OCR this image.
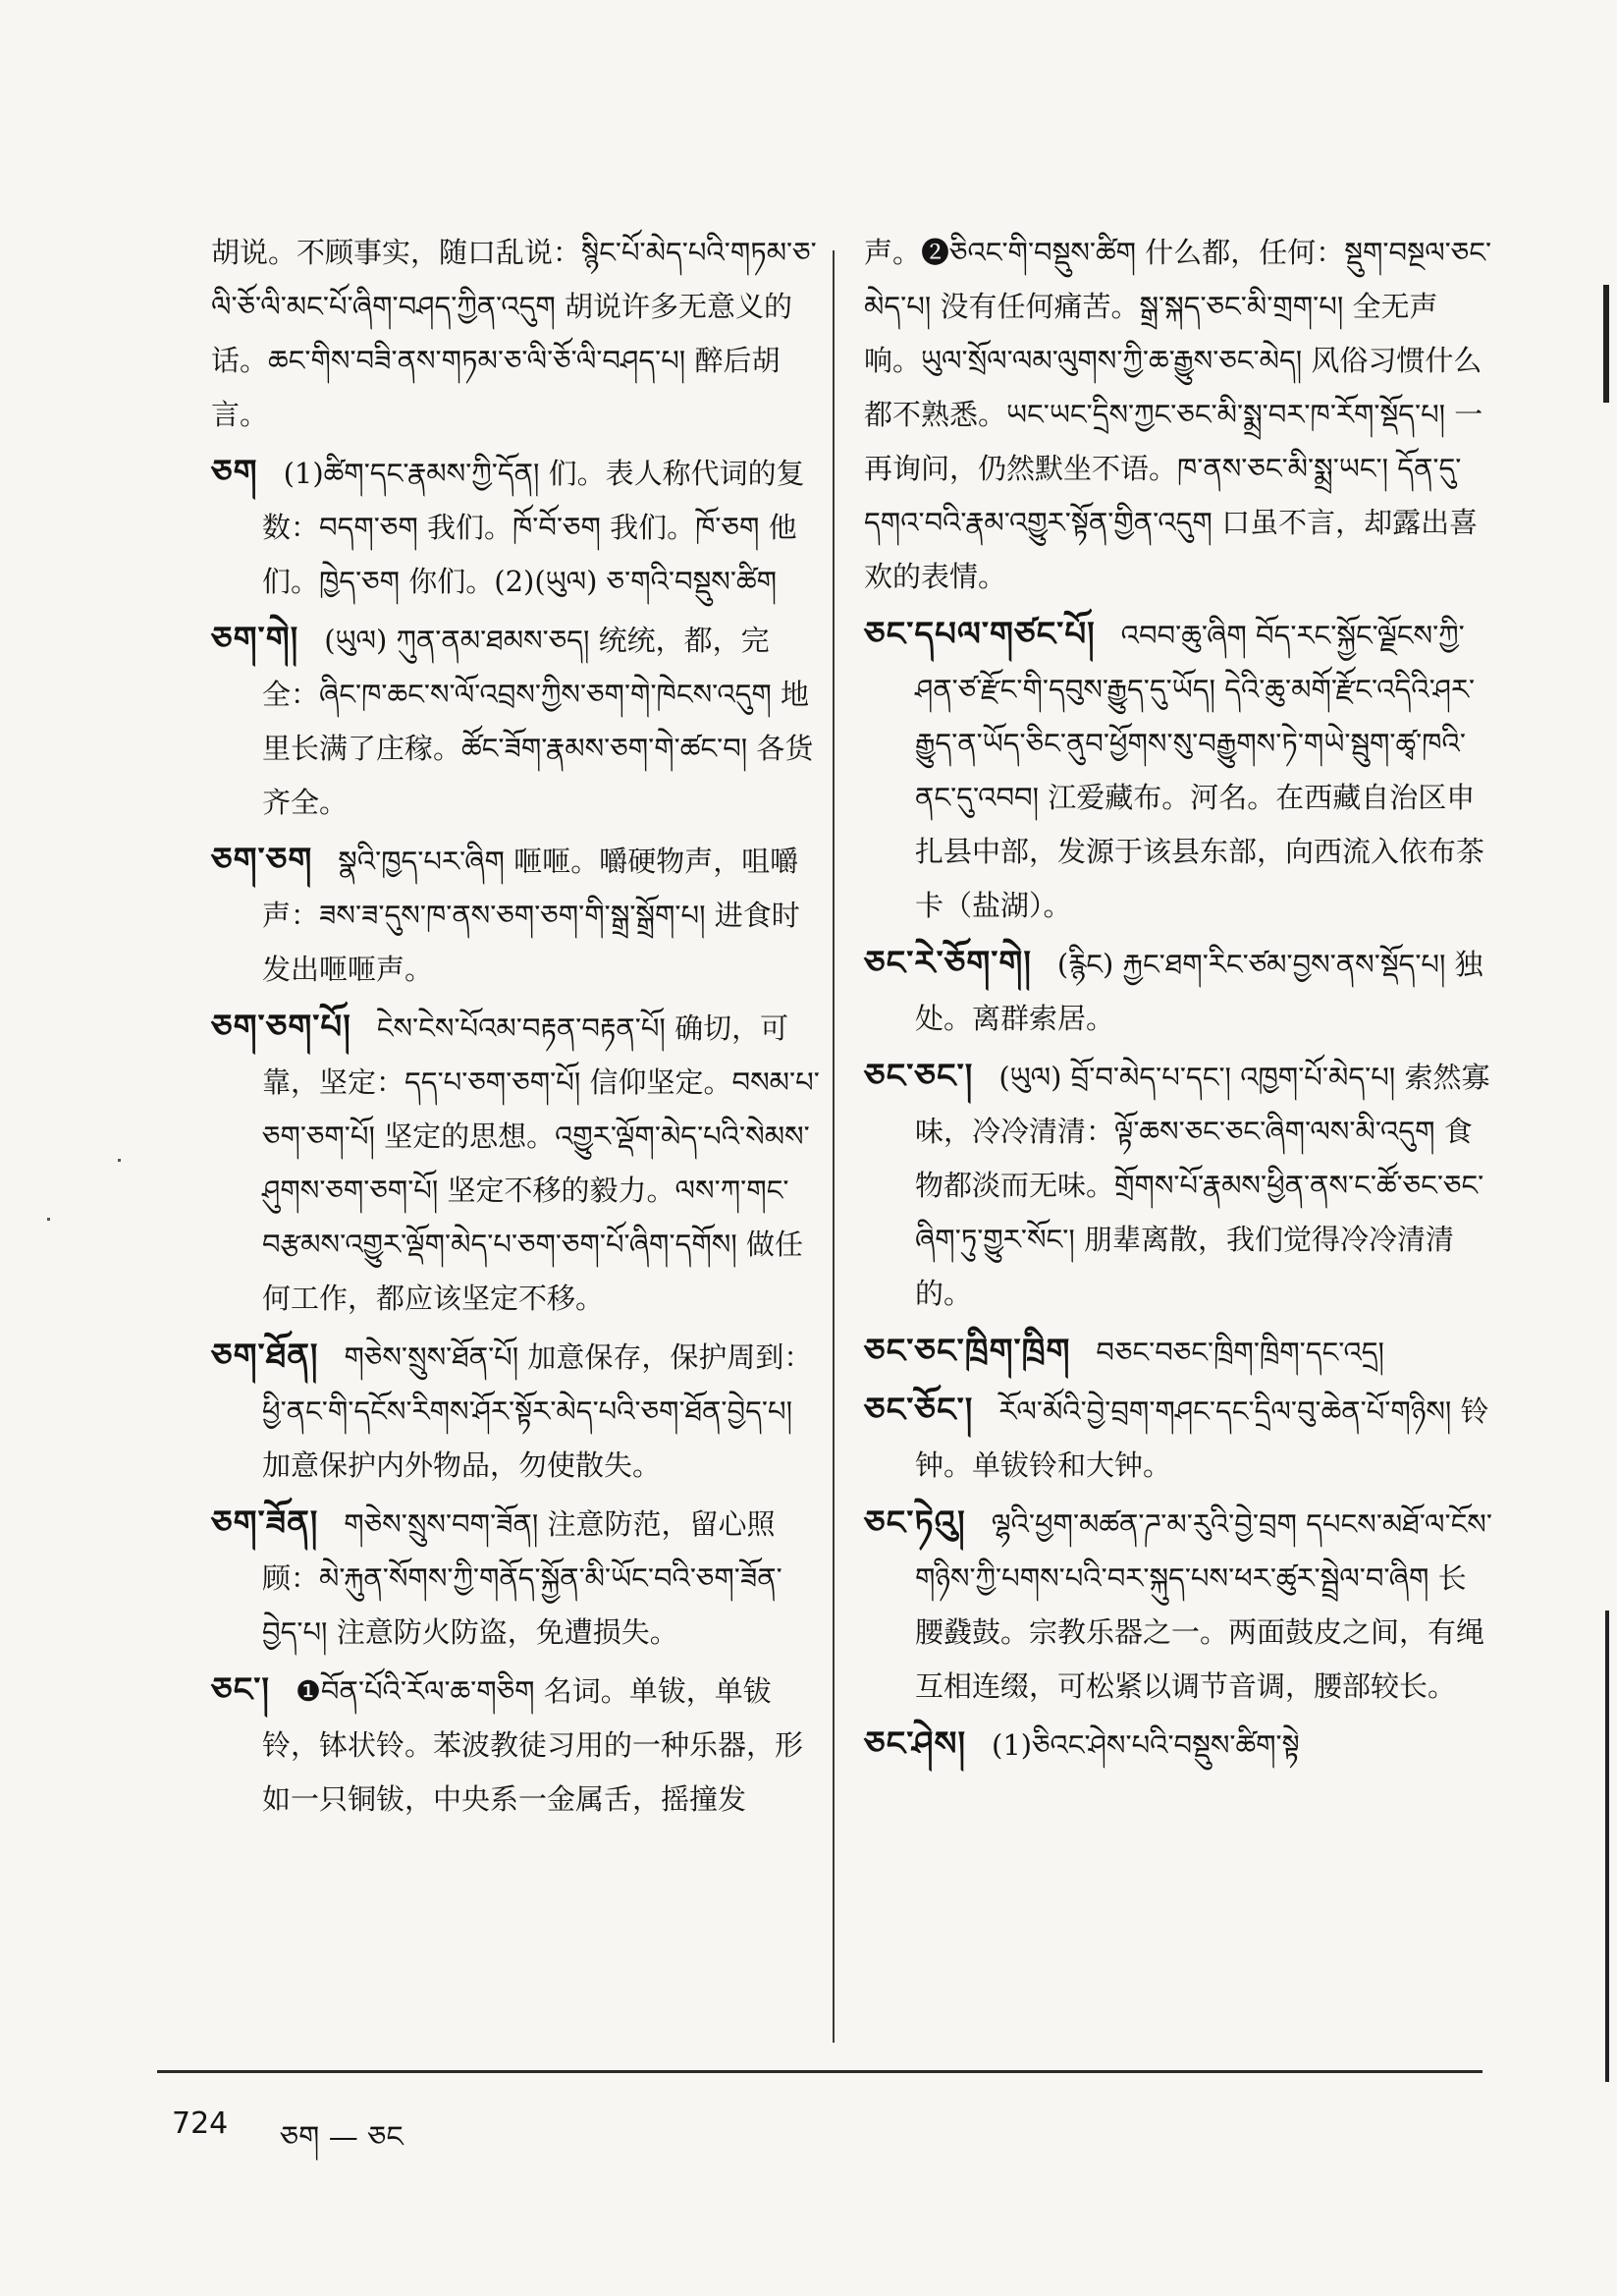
胡说。不顾事实，随口乱说：སྙིང་པོ་མེད་པའི་གཏམ་ཅ་ལི་ཅོ་ལི་མང་པོ་ཞིག་བཤད་ཀྱིན་འདུག 胡说许多无意义的话。ཆང་གིས་བཟི་ནས་གཏམ་ཅ་ལི་ཅོ་ལི་བཤད་པ། 醉后胡言。

ཅག (1)ཚིག་དང་རྣམས་ཀྱི་དོན། 们。表人称代词的复数：བདག་ཅག 我们。ཁོ་བོ་ཅག 我们。ཁོ་ཅག 他们。ཁྱེད་ཅག 你们。(2)(ཡུལ) ཅ་གའི་བསྡུས་ཚིག

ཅག་གེ། (ཡུལ) ཀུན་ནམ་ཐམས་ཅད། 统统，都，完全：ཞིང་ཁ་ཆང་ས་ལོ་འབྲས་ཀྱིས་ཅག་གེ་ཁེངས་འདུག 地里长满了庄稼。ཚོང་ཟོག་རྣམས་ཅག་གེ་ཚང་བ། 各货齐全。

ཅག་ཅག སྣའི་ཁྱད་པར་ཞིག 咂咂。嚼硬物声，咀嚼声：ཟས་ཟ་དུས་ཁ་ནས་ཅག་ཅག་གི་སྒྲ་སྒྲོག་པ། 进食时发出咂咂声。

ཅག་ཅག་པོ། ངེས་ངེས་པོའམ་བརྟན་བརྟན་པོ། 确切，可靠，坚定：དད་པ་ཅག་ཅག་པོ། 信仰坚定。བསམ་པ་ཅག་ཅག་པོ། 坚定的思想。འགྱུར་ལྡོག་མེད་པའི་སེམས་ཤུགས་ཅག་ཅག་པོ། 坚定不移的毅力。ལས་ཀ་གང་བརྩམས་འགྱུར་ལྡོག་མེད་པ་ཅག་ཅག་པོ་ཞིག་དགོས། 做任何工作，都应该坚定不移。

ཅག་ཐོན། གཅེས་སྲུས་ཐོན་པོ། 加意保存，保护周到：ཕྱི་ནང་གི་དངོས་རིགས་ཤོར་སྟོར་མེད་པའི་ཅག་ཐོན་བྱེད་པ། 加意保护内外物品，勿使散失。

ཅག་ཟོན། གཅེས་སྲུས་བག་ཟོན། 注意防范，留心照顾：མེ་རྐུན་སོགས་ཀྱི་གནོད་སྐྱོན་མི་ཡོང་བའི་ཅག་ཟོན་བྱེད་པ། 注意防火防盗，免遭损失。

ཅང་། ❶བོན་པོའི་རོལ་ཆ་གཅིག 名词。单钹，单钹铃，钵状铃。苯波教徒习用的一种乐器，形如一只铜钹，中央系一金属舌，摇撞发

声。❷ཅིའང་གི་བསྡུས་ཚིག 什么都，任何：སྡུག་བསྔལ་ཅང་མེད་པ། 没有任何痛苦。སྒྲ་སྐད་ཅང་མི་གྲག་པ། 全无声响。ཡུལ་སྲོལ་ལམ་ལུགས་ཀྱི་ཆ་རྒྱུས་ཅང་མེད། 风俗习惯什么都不熟悉。ཡང་ཡང་དྲིས་ཀྱང་ཅང་མི་སྨྲ་བར་ཁ་རོག་སྡོད་པ། 一再询问，仍然默坐不语。ཁ་ནས་ཅང་མི་སྨྲ་ཡང་། དོན་དུ་དགའ་བའི་རྣམ་འགྱུར་སྟོན་གྱིན་འདུག 口虽不言，却露出喜欢的表情。

ཅང་དཔལ་གཙང་པོ། འབབ་ཆུ་ཞིག བོད་རང་སྐྱོང་ལྗོངས་ཀྱི་ཤན་ཙ་རྫོང་གི་དབུས་རྒྱུད་དུ་ཡོད། དེའི་ཆུ་མགོ་རྫོང་འདིའི་ཤར་རྒྱུད་ན་ཡོད་ཅིང་ནུབ་ཕྱོགས་སུ་བརྒྱུགས་ཏེ་གཡེ་སྦུག་ཚྭ་ཁའི་ནང་དུ་འབབ། 江爱藏布。河名。在西藏自治区申扎县中部，发源于该县东部，向西流入依布茶卡（盐湖）。

ཅང་རེ་ཅོག་གེ། (རྙིང) རྐྱང་ཐག་རིང་ཙམ་བྱས་ནས་སྡོད་པ། 独处。离群索居。

ཅང་ཅང་། (ཡུལ) བྲོ་བ་མེད་པ་དང་། འཁྱག་པོ་མེད་པ། 索然寡味，冷冷清清：ལྟོ་ཆས་ཅང་ཅང་ཞིག་ལས་མི་འདུག 食物都淡而无味。གྲོགས་པོ་རྣམས་ཕྱིན་ནས་ང་ཚོ་ཅང་ཅང་ཞིག་ཏུ་གྱུར་སོང་། 朋辈离散，我们觉得冷冷清清的。

ཅང་ཅང་ཁྲིག་ཁྲིག བཅང་བཅང་ཁྲིག་ཁྲིག་དང་འདྲ།

ཅང་ཅོང་། རོལ་མོའི་བྱེ་བྲག་གཤང་དང་དྲིལ་བུ་ཆེན་པོ་གཉིས། 铃钟。单钹铃和大钟。

ཅང་ཏེའུ། ལྷའི་ཕྱག་མཚན་ཌ་མ་རུའི་བྱེ་བྲག དཔངས་མཐོ་ལ་ངོས་གཉིས་ཀྱི་པགས་པའི་བར་སྐུད་པས་ཕར་ཚུར་སྦྲེལ་བ་ཞིག 长腰鼗鼓。宗教乐器之一。两面鼓皮之间，有绳互相连缀，可松紧以调节音调，腰部较长。

ཅང་ཤེས། (1)ཅིའང་ཤེས་པའི་བསྡུས་ཚིག་སྟེ

724 ཅག — ཅང
